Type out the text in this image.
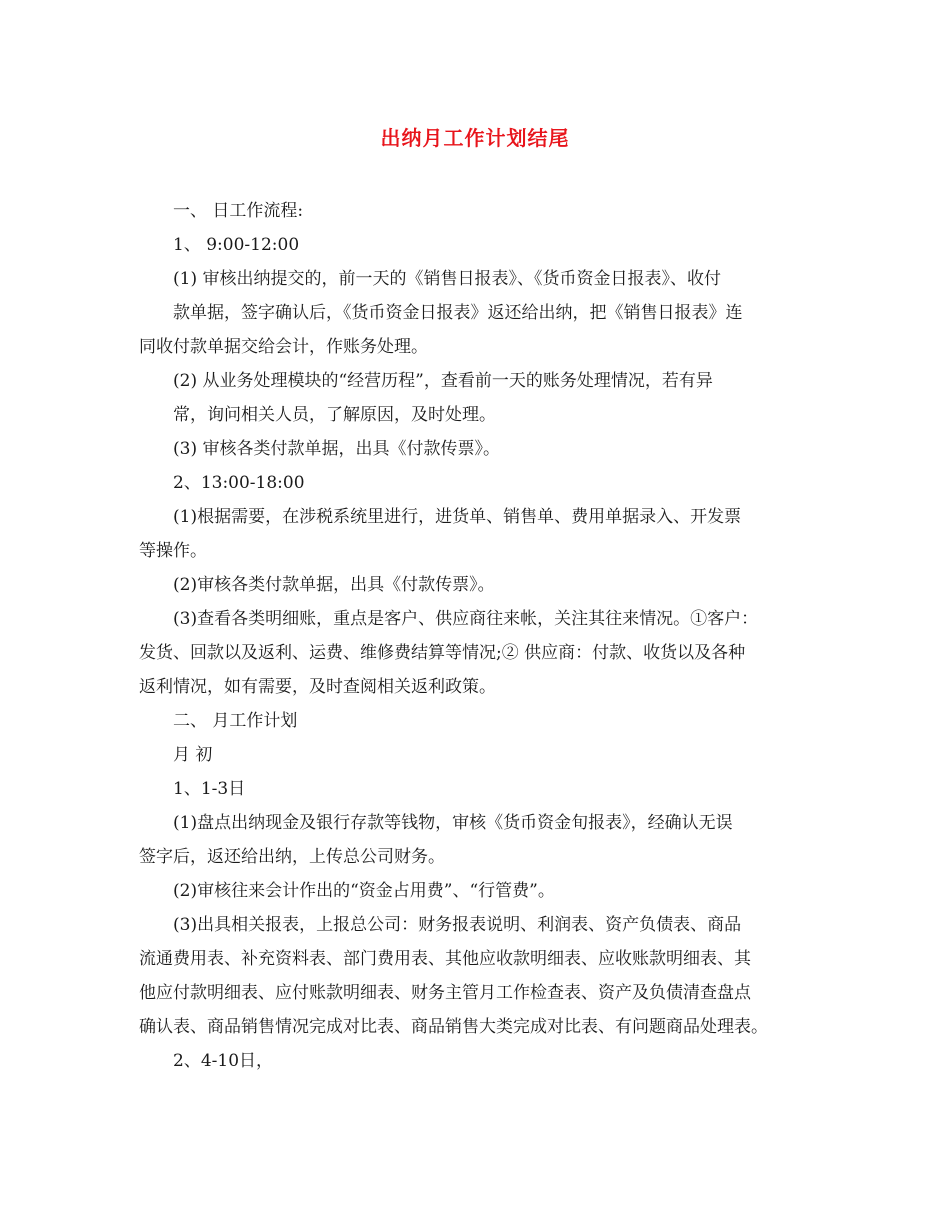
出纳月工作计划结尾

一、 日工作流程:

1、 9:00-12:00

(1) 审核出纳提交的，前一天的《销售日报表》、《货币资金日报表》、收付

款单据，签字确认后，《货币资金日报表》返还给出纳，把《销售日报表》连

同收付款单据交给会计，作账务处理。

(2) 从业务处理模块的“经营历程”，查看前一天的账务处理情况，若有异

常，询问相关人员，了解原因，及时处理。

(3) 审核各类付款单据，出具《付款传票》。

2、13:00-18:00

(1)根据需要，在涉税系统里进行，进货单、销售单、费用单据录入、开发票

等操作。

(2)审核各类付款单据，出具《付款传票》。

(3)查看各类明细账，重点是客户、供应商往来帐，关注其往来情况。①客户：

发货、回款以及返利、运费、维修费结算等情况;② 供应商：付款、收货以及各种

返利情况，如有需要，及时查阅相关返利政策。

二、 月工作计划

月 初

1、1-3日

(1)盘点出纳现金及银行存款等钱物，审核《货币资金旬报表》，经确认无误

签字后，返还给出纳，上传总公司财务。

(2)审核往来会计作出的“资金占用费”、“行管费”。

(3)出具相关报表，上报总公司：财务报表说明、利润表、资产负债表、商品

流通费用表、补充资料表、部门费用表、其他应收款明细表、应收账款明细表、其

他应付款明细表、应付账款明细表、财务主管月工作检查表、资产及负债清查盘点

确认表、商品销售情况完成对比表、商品销售大类完成对比表、有问题商品处理表。

2、4-10日，
